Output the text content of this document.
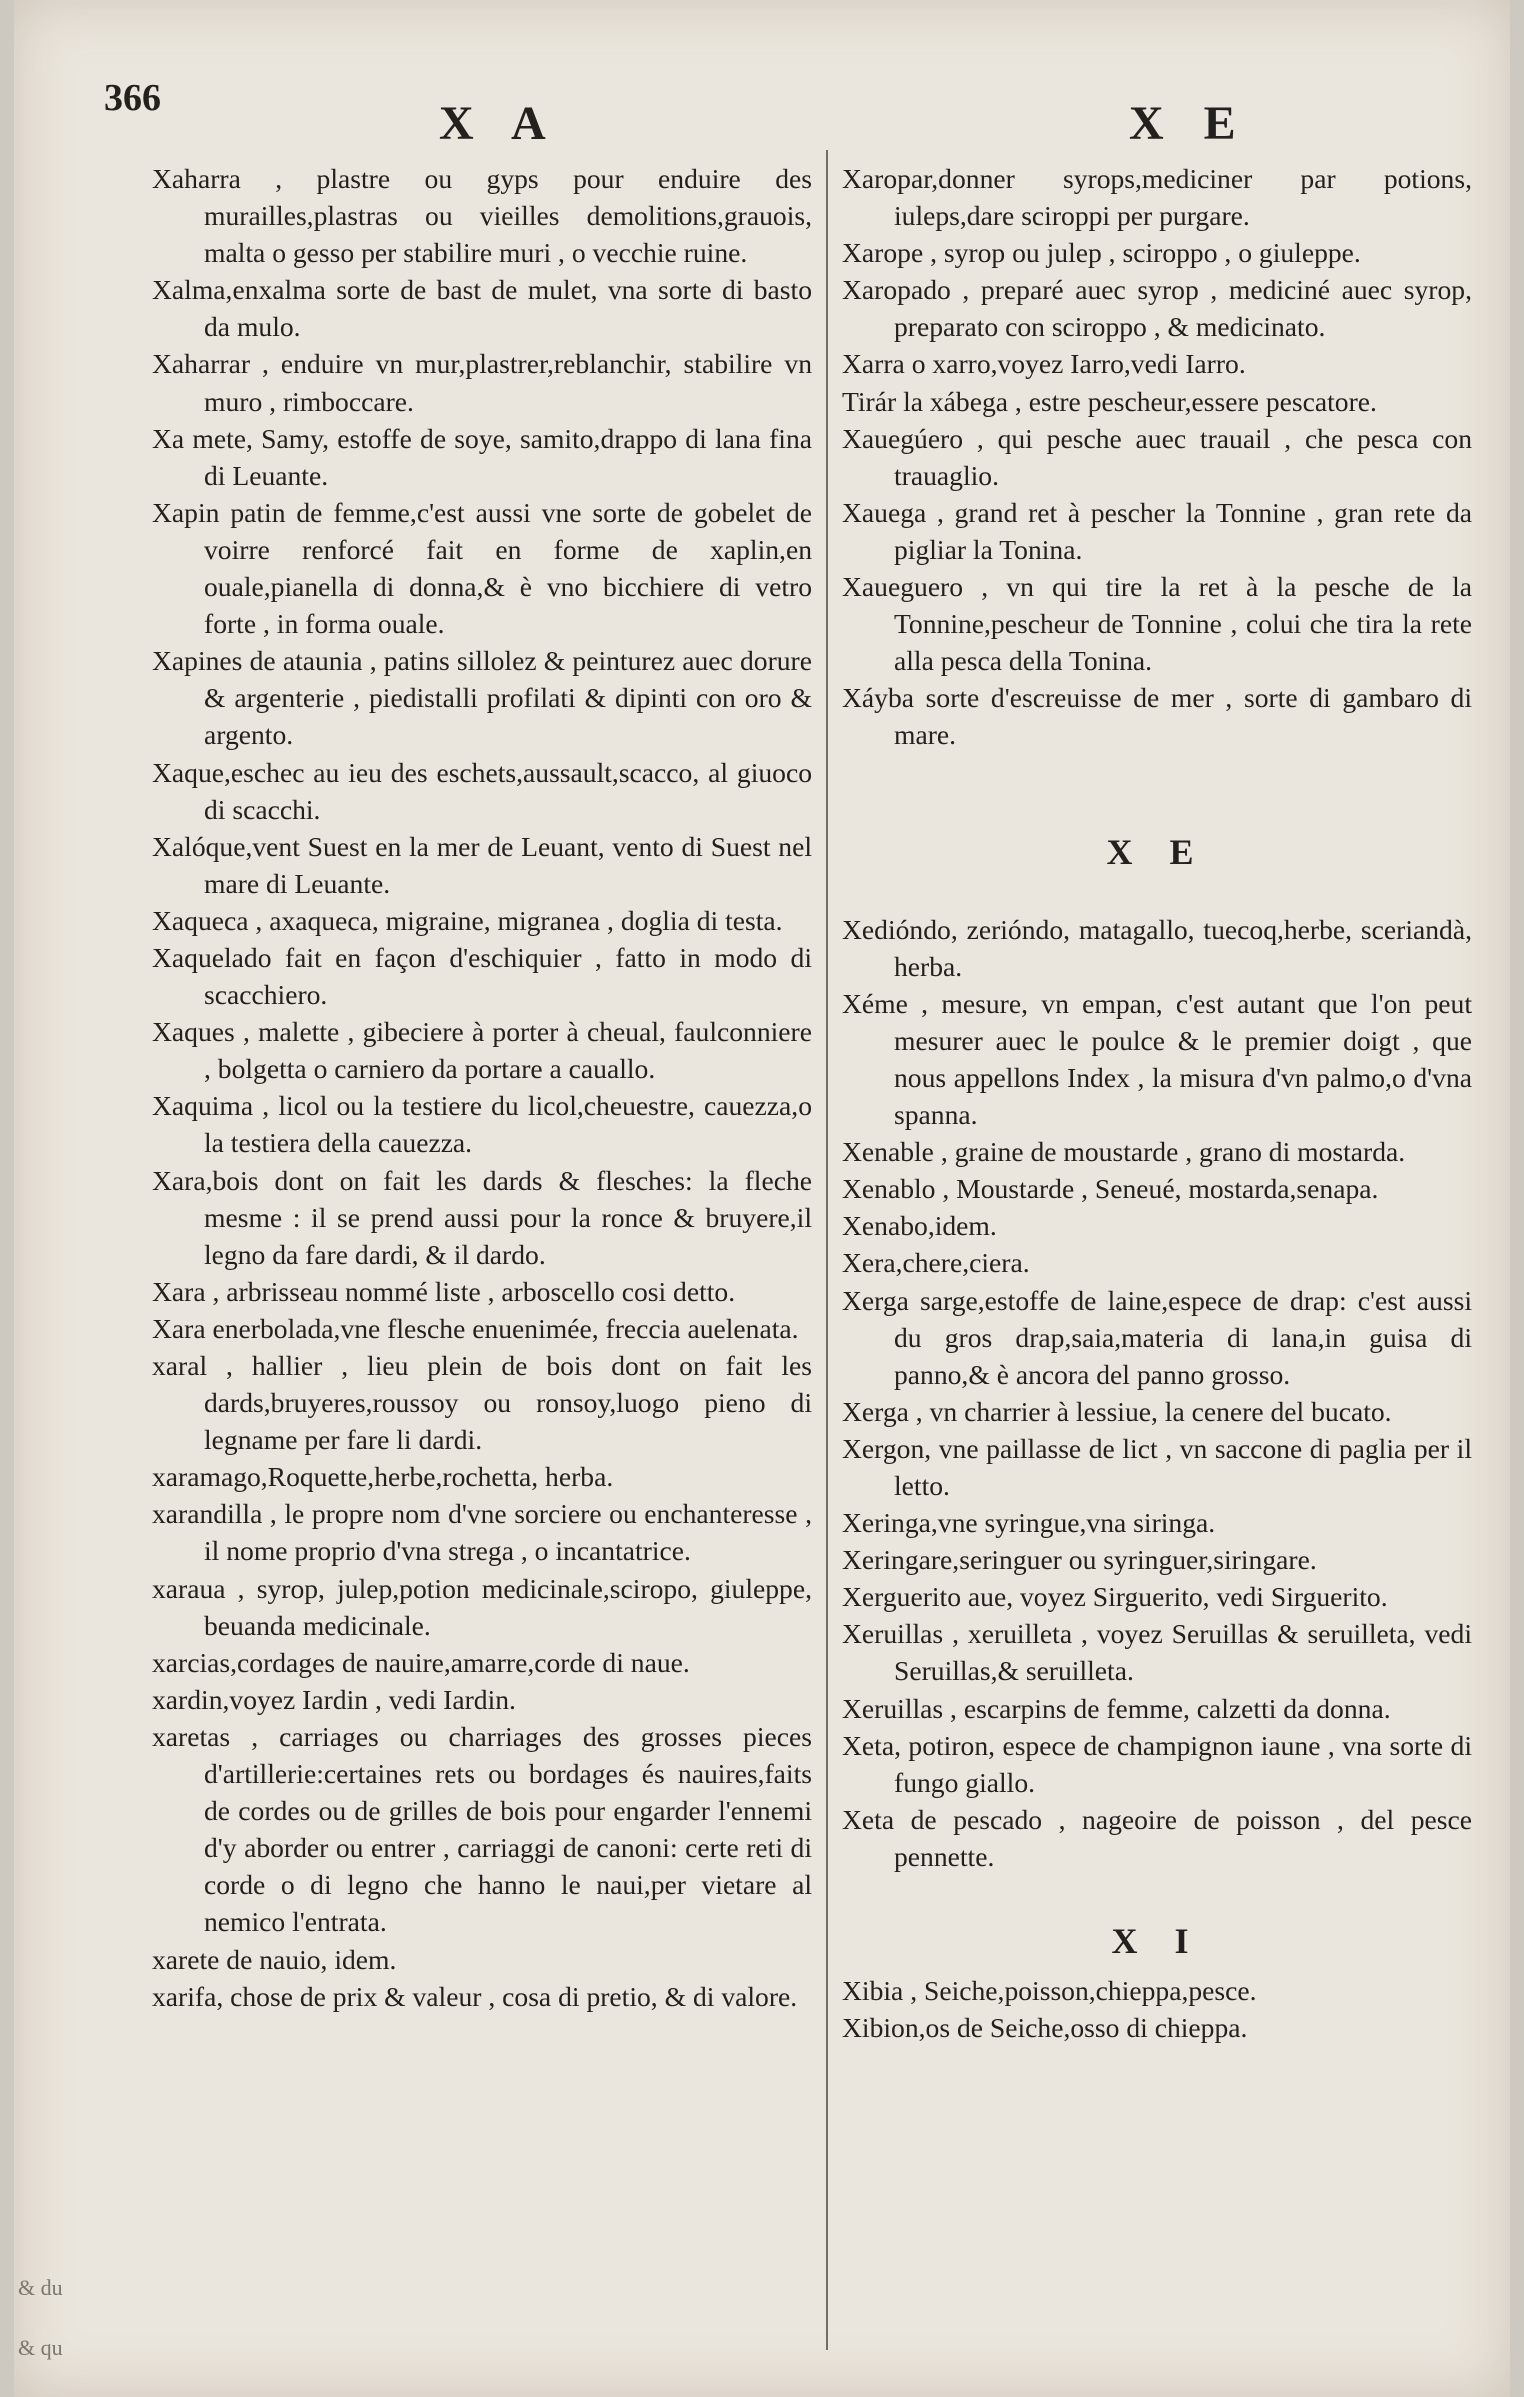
366	X A	X E

Xaharra , plastre ou gyps pour enduire des murailles,plastras ou vieilles demolitions,grauois, malta o gesso per stabilire muri , o vecchie ruine.

Xalma,enxalma sorte de bast de mulet, vna sorte di basto da mulo.

Xaharrar , enduire vn mur,plastrer,reblanchir, stabilire vn muro , rimboccare.

Xa mete, Samy, estoffe de soye, samito,drappo di lana fina di Leuante.

Xapin patin de femme,c'est aussi vne sorte de gobelet de voirre renforcé fait en forme de xaplin,en ouale,pianella di donna,& è vno bicchiere di vetro forte , in forma ouale.

Xapines de ataunia , patins sillolez & peinturez auec dorure & argenterie , piedistalli profilati & dipinti con oro & argento.

Xaque,eschec au ieu des eschets,aussault,scacco, al giuoco di scacchi.

Xalóque,vent Suest en la mer de Leuant, vento di Suest nel mare di Leuante.

Xaqueca , axaqueca, migraine, migranea , doglia di testa.

Xaquelado fait en façon d'eschiquier , fatto in modo di scacchiero.

Xaques , malette , gibeciere à porter à cheual, faulconniere , bolgetta o carniero da portare a cauallo.

Xaquima , licol ou la testiere du licol,cheuestre, cauezza,o la testiera della cauezza.

Xara,bois dont on fait les dards & flesches: la fleche mesme : il se prend aussi pour la ronce & bruyere,il legno da fare dardi, & il dardo.

Xara , arbrisseau nommé liste , arboscello cosi detto.

Xara enerbolada,vne flesche enuenimée, freccia auelenata.

xaral , hallier , lieu plein de bois dont on fait les dards,bruyeres,roussoy ou ronsoy,luogo pieno di legname per fare li dardi.

xaramago,Roquette,herbe,rochetta, herba.

xarandilla , le propre nom d'vne sorciere ou enchanteresse , il nome proprio d'vna strega , o incantatrice.

xaraua , syrop, julep,potion medicinale,sciropo, giuleppe, beuanda medicinale.

xarcias,cordages de nauire,amarre,corde di naue.

xardin,voyez Iardin , vedi Iardin.

xaretas , carriages ou charriages des grosses pieces d'artillerie:certaines rets ou bordages és nauires,faits de cordes ou de grilles de bois pour engarder l'ennemi d'y aborder ou entrer , carriaggi de canoni: certe reti di corde o di legno che hanno le naui,per vietare al nemico l'entrata.

xarete de nauio, idem.

xarifa, chose de prix & valeur , cosa di pretio, & di valore.

Xaropar,donner syrops,mediciner par potions, iuleps,dare sciroppi per purgare.

Xarope , syrop ou julep , sciroppo , o giuleppe.

Xaropado , preparé auec syrop , mediciné auec syrop, preparato con sciroppo , & medicinato.

Xarra o xarro,voyez Iarro,vedi Iarro.

Tirár la xábega , estre pescheur,essere pescatore.

Xauegúero , qui pesche auec trauail , che pesca con trauaglio.

Xauega , grand ret à pescher la Tonnine , gran rete da pigliar la Tonina.

Xaueguero , vn qui tire la ret à la pesche de la Tonnine,pescheur de Tonnine , colui che tira la rete alla pesca della Tonina.

Xáyba sorte d'escreuisse de mer , sorte di gambaro di mare.

X E

Xedióndo, zerióndo, matagallo, tuecoq,herbe, sceriandà, herba.

Xéme , mesure, vn empan, c'est autant que l'on peut mesurer auec le poulce & le premier doigt , que nous appellons Index , la misura d'vn palmo,o d'vna spanna.

Xenable , graine de moustarde , grano di mostarda.

Xenablo , Moustarde , Seneué, mostarda,senapa.

Xenabo,idem.

Xera,chere,ciera.

Xerga sarge,estoffe de laine,espece de drap: c'est aussi du gros drap,saia,materia di lana,in guisa di panno,& è ancora del panno grosso.

Xerga , vn charrier à lessiue, la cenere del bucato.

Xergon, vne paillasse de lict , vn saccone di paglia per il letto.

Xeringa,vne syringue,vna siringa.

Xeringare,seringuer ou syringuer,siringare.

Xerguerito aue, voyez Sirguerito, vedi Sirguerito.

Xeruillas , xeruilleta , voyez Seruillas & seruilleta, vedi Seruillas,& seruilleta.

Xeruillas , escarpins de femme, calzetti da donna.

Xeta, potiron, espece de champignon iaune , vna sorte di fungo giallo.

Xeta de pescado , nageoire de poisson , del pesce pennette.

X I

Xibia , Seiche,poisson,chieppa,pesce.

Xibion,os de Seiche,osso di chieppa.

& du
& qu
